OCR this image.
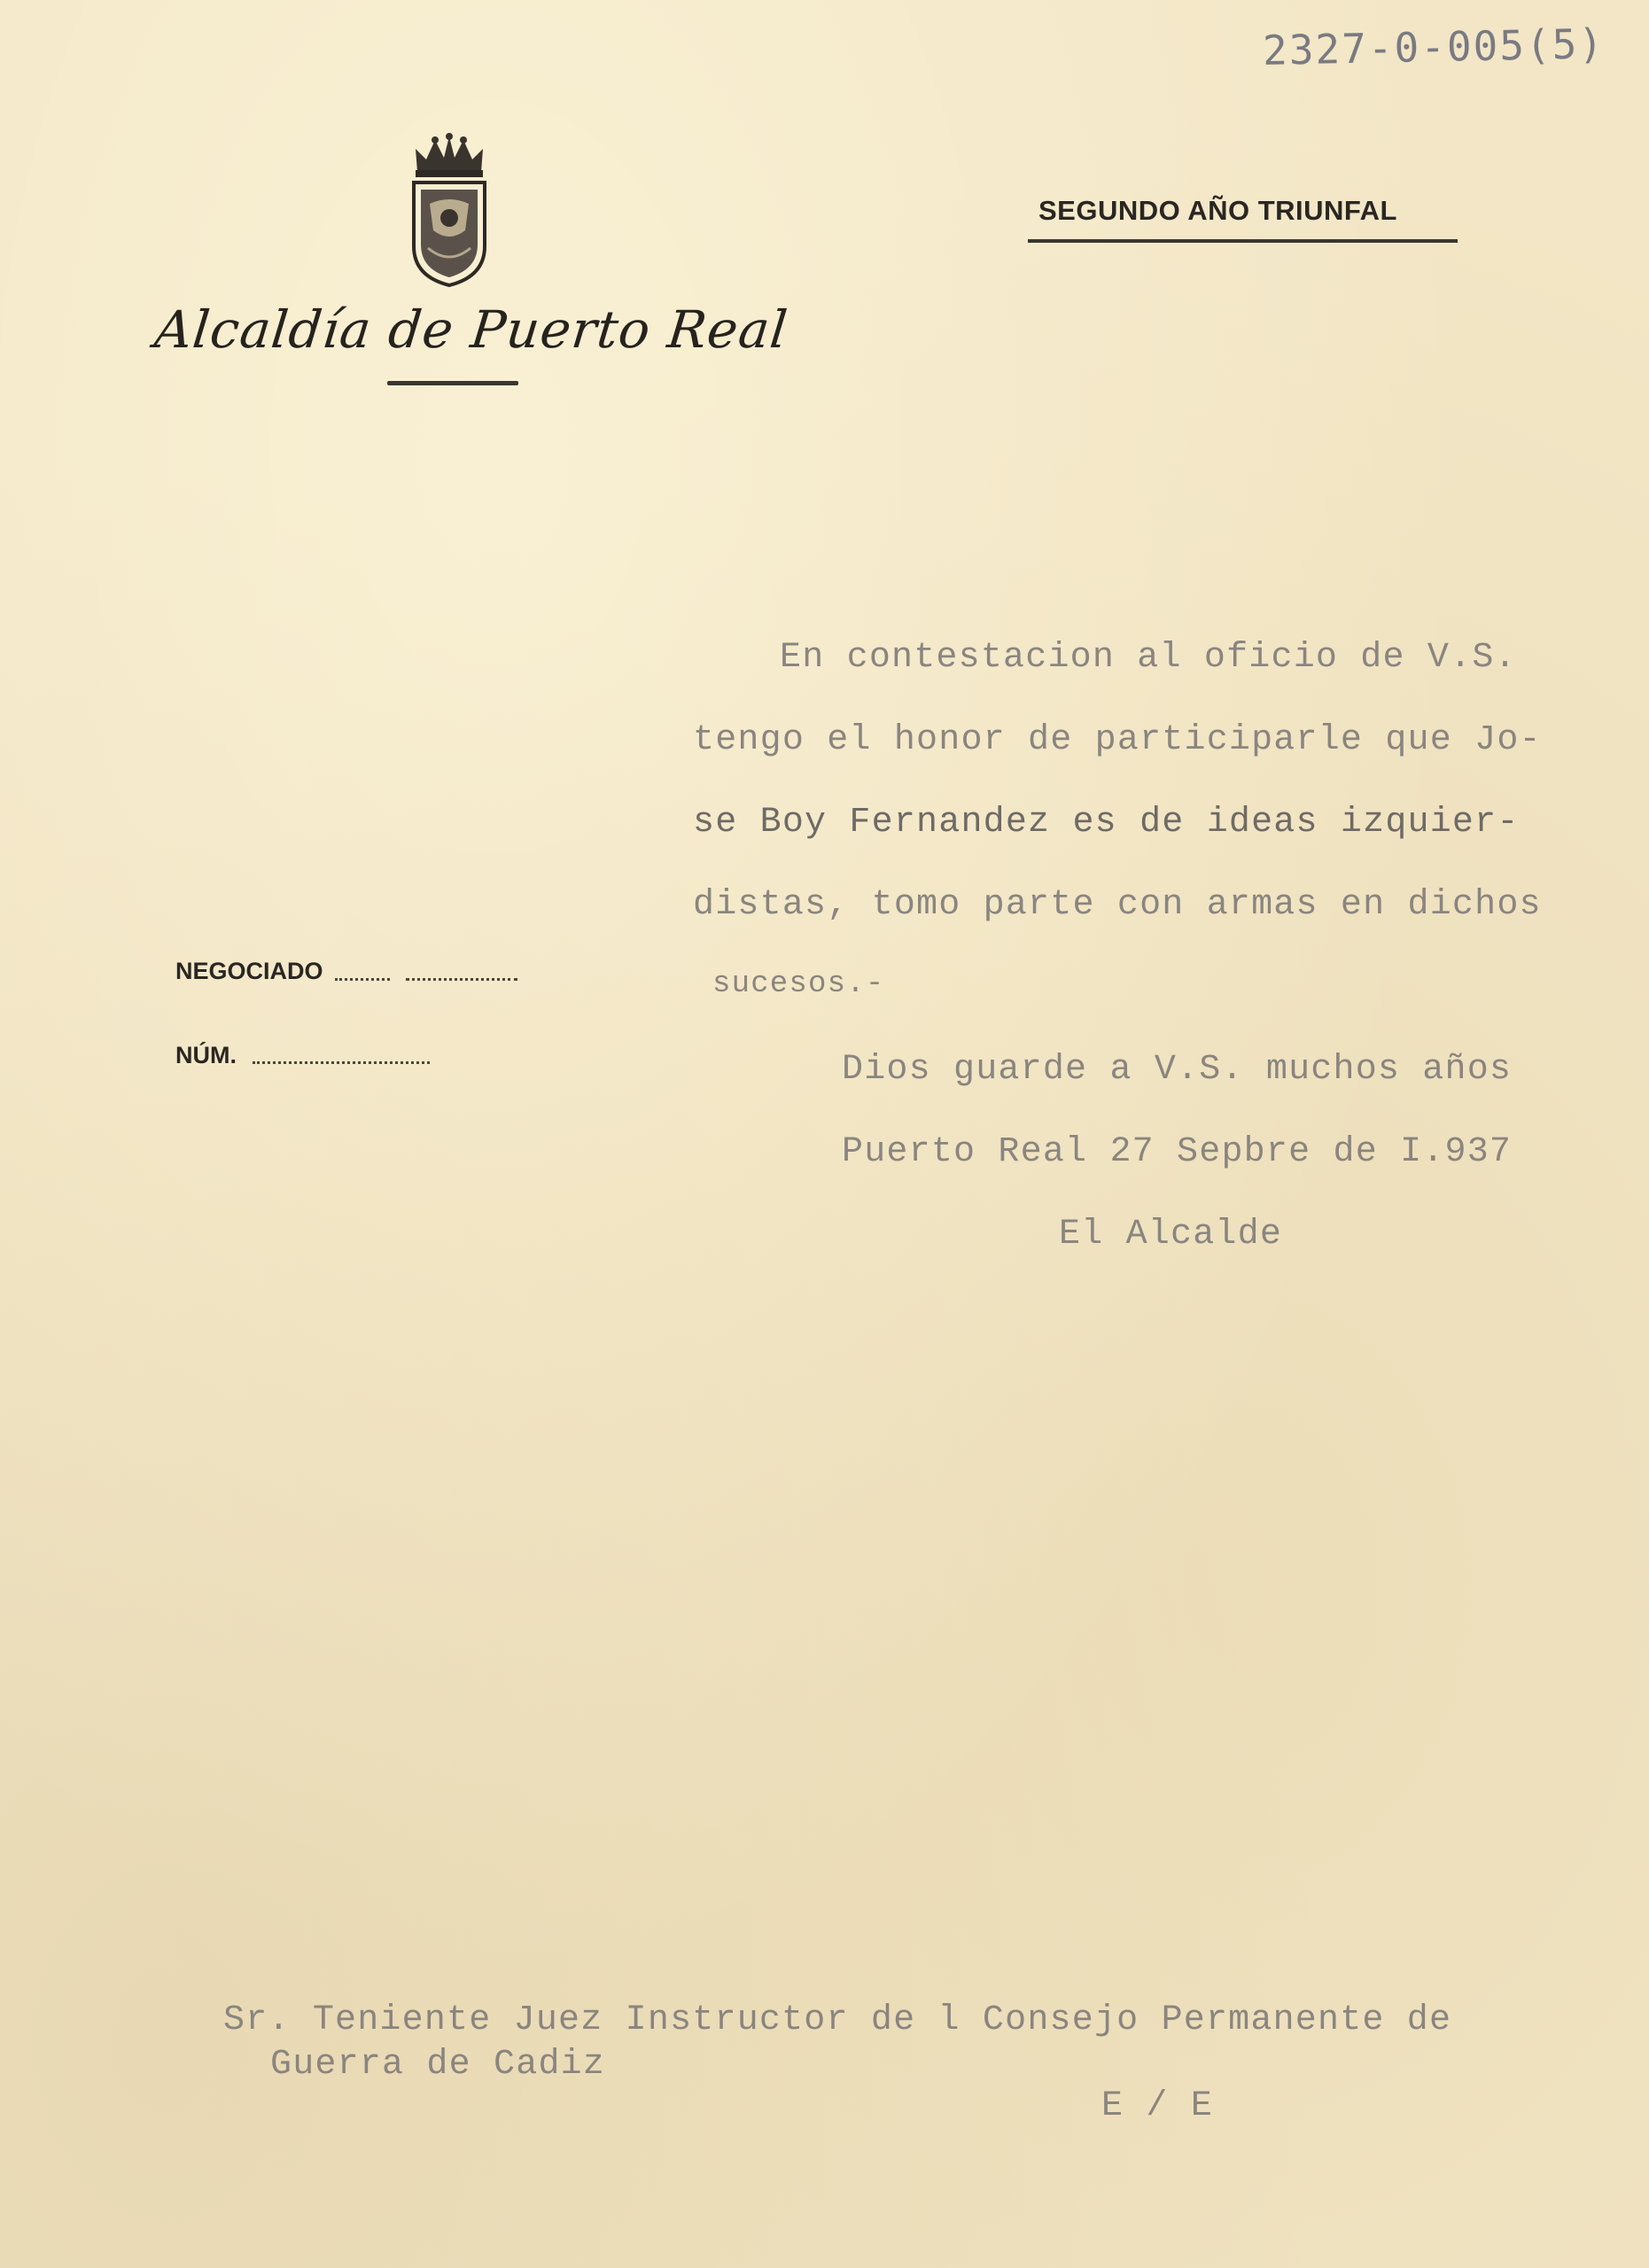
2327-0-005(5)
Alcaldía de Puerto Real
SEGUNDO AÑO TRIUNFAL
En contestacion al oficio de V.S.
tengo el honor de participarle que Jo-
se Boy Fernandez es de ideas izquier-
distas, tomo parte con armas en dichos
sucesos.-
NEGOCIADO
NÚM.	Dios guarde a V.S. muchos años
Puerto Real 27 Sepbre de I.937
El Alcalde
Sr. Teniente Juez Instructor de l Consejo Permanente de
Guerra de Cadiz
E / E
